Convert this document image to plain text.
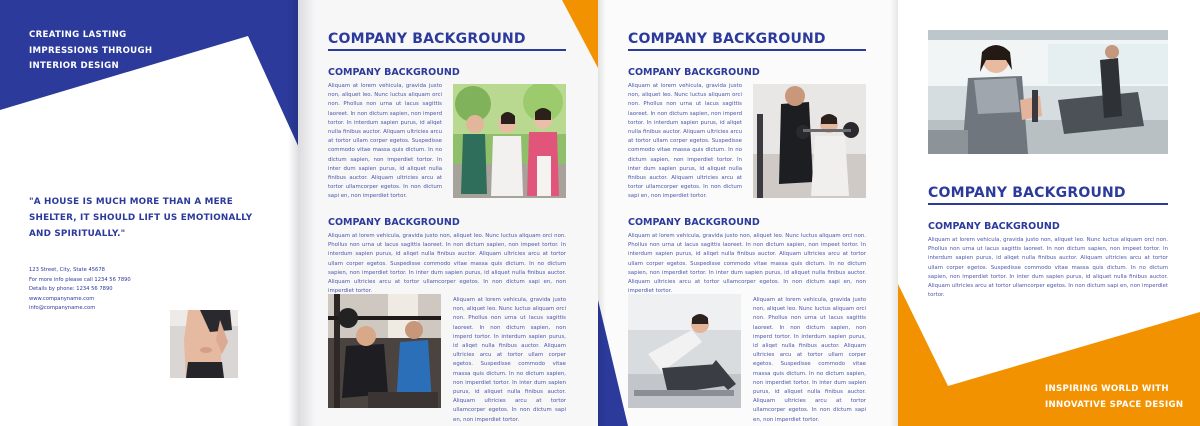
CREATING LASTING
IMPRESSIONS THROUGH
INTERIOR DESIGN
"A HOUSE IS MUCH MORE THAN A MERE
SHELTER, IT SHOULD LIFT US EMOTIONALLY
AND SPIRITUALLY."
123 Street, City, State 45678
For more info please call 1234 56 7890
Details by phone: 1234 56 7890
www.companyname.com
info@companyname.com
COMPANY BACKGROUND
COMPANY BACKGROUND
Aliquam at lorem vehicula, gravida justo non, aliquet leo. Nunc luctus aliquam orci non. Phollus non urna ut lacus sagittis laoreet. In non dictum sapien, non imperd tortor. In interdum sapien purus, id aliqet nulla finibus auctor. Aliquam ultricies arcu at tortor ullam corper egetos. Suspedisse commodo vitae massa quis dictum. In no dictum sapien, non imperdiet tortor. In inter dum sapien purus, id aliquet nulla finibus auctor. Aliquam ultricies arcu at tortor ullamcorper egetos. In non dictum sapi en, non imperdiet tortor.
COMPANY BACKGROUND
Aliquam at lorem vehicula, gravida justo non, aliquet leo. Nunc luctus aliquam orci non. Phollus non urna ut lacus sagittis laoreet. In non dictum sapien, non impeet tortor. In interdum sapien purus, id aliqet nulla finibus auctor. Aliquam ultricies arcu at tortor ullam corper egetos. Suspedisse commodo vitae massa quis dictum. In no dictum sapien, non imperdiet tortor. In inter dum sapien purus, id aliquet nulla finibus auctor. Aliquam ultricies arcu at tortor ullamcorper egetos. In non dictum sapi en, non imperdiet tortor.
Aliquam at lorem vehicula, gravida justo non, aliquet leo. Nunc luctus aliquam orci non. Phollus non urna ut lacus sagittis laoreet. In non dictum sapien, non imperd tortor. In interdum sapien purus, id aliqet nulla finibus auctor. Aliquam ultricies arcu at tortor ullam corper egetos. Suspedisse commodo vitae massa quis dictum. In no dictum sapien, non imperdiet tortor. In inter dum sapien purus, id aliquet nulla finibus auctor. Aliquam ultricies arcu at tortor ullamcorper egetos. In non dictum sapi en, non imperdiet tortor.
COMPANY BACKGROUND
COMPANY BACKGROUND
Aliquam at lorem vehicula, gravida justo non, aliquet leo. Nunc luctus aliquam orci non. Phollus non urna ut lacus sagittis laoreet. In non dictum sapien, non imperd tortor. In interdum sapien purus, id aliqet nulla finibus auctor. Aliquam ultricies arcu at tortor ullam corper egetos. Suspedisse commodo vitae massa quis dictum. In no dictum sapien, non imperdiet tortor. In inter dum sapien purus, id aliquet nulla finibus auctor. Aliquam ultricies arcu at tortor ullamcorper egetos. In non dictum sapi en, non imperdiet tortor.
COMPANY BACKGROUND
Aliquam at lorem vehicula, gravida justo non, aliquet leo. Nunc luctus aliquam orci non. Phollus non urna ut lacus sagittis laoreet. In non dictum sapien, non impeet tortor. In interdum sapien purus, id aliqet nulla finibus auctor. Aliquam ultricies arcu at tortor ullam corper egetos. Suspedisse commodo vitae massa quis dictum. In no dictum sapien, non imperdiet tortor. In inter dum sapien purus, id aliquet nulla finibus auctor. Aliquam ultricies arcu at tortor ullamcorper egetos. In non dictum sapi en, non imperdiet tortor.
Aliquam at lorem vehicula, gravida justo non, aliquet leo. Nunc luctus aliquam orci non. Phollus non urna ut lacus sagittis laoreet. In non dictum sapien, non imperd tortor. In interdum sapien purus, id aliqet nulla finibus auctor. Aliquam ultricies arcu at tortor ullam corper egetos. Suspedisse commodo vitae massa quis dictum. In no dictum sapien, non imperdiet tortor. In inter dum sapien purus, id aliquet nulla finibus auctor. Aliquam ultricies arcu at tortor ullamcorper egetos. In non dictum sapi en, non imperdiet tortor.
COMPANY BACKGROUND
COMPANY BACKGROUND
Aliquam at lorem vehicula, gravida justo non, aliquet leo. Nunc luctus aliquam orci non. Phollus non urna ut lacus sagittis laoreet. In non dictum sapien, non impeet tortor. In interdum sapien purus, id aliqet nulla finibus auctor. Aliquam ultricies arcu at tortor ullam corper egetos. Suspedisse commodo vitae massa quis dictum. In no dictum sapien, non imperdiet tortor. In inter dum sapien purus, id aliquet nulla finibus auctor. Aliquam ultricies arcu at tortor ullamcorper egetos. In non dictum sapi en, non imperdiet tortor.
INSPIRING WORLD WITH
INNOVATIVE SPACE DESIGN
